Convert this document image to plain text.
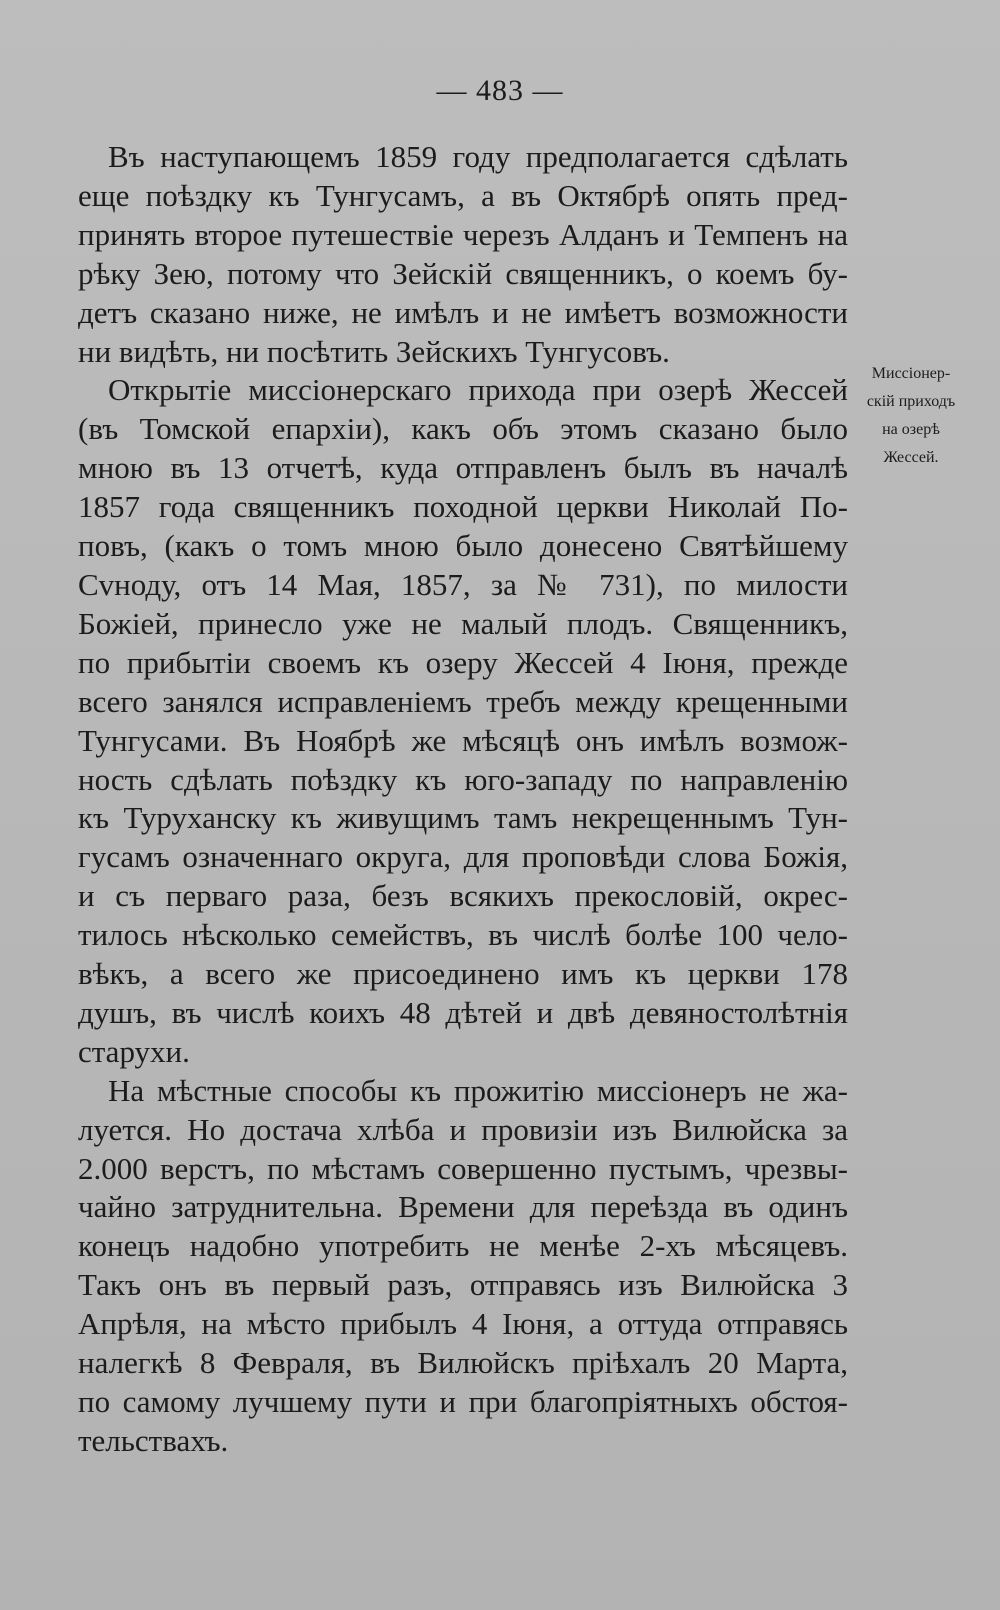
— 483 —
Миссіонер-
скій приходъ
на озерѣ
Жессей.
Въ наступающемъ 1859 году предполагается сдѣлать
еще поѣздку къ Тунгусамъ, а въ Октябрѣ опять пред-
принять второе путешествіе черезъ Алданъ и Темпенъ на
рѣку Зею, потому что Зейскій священникъ, о коемъ бу-
детъ сказано ниже, не имѣлъ и не имѣетъ возможности
ни видѣть, ни посѣтить Зейскихъ Тунгусовъ.
Открытіе миссіонерскаго прихода при озерѣ Жессей
(въ Томской епархіи), какъ объ этомъ сказано было
мною въ 13 отчетѣ, куда отправленъ былъ въ началѣ
1857 года священникъ походной церкви Николай По-
повъ, (какъ о томъ мною было донесено Святѣйшему
Сvноду, отъ 14 Мая, 1857, за № 731), по милости
Божіей, принесло уже не малый плодъ. Священникъ,
по прибытіи своемъ къ озеру Жессей 4 Іюня, прежде
всего занялся исправленіемъ требъ между крещенными
Тунгусами. Въ Ноябрѣ же мѣсяцѣ онъ имѣлъ возмож-
ность сдѣлать поѣздку къ юго-западу по направленію
къ Туруханску къ живущимъ тамъ некрещеннымъ Тун-
гусамъ означеннаго округа, для проповѣди слова Божія,
и съ перваго раза, безъ всякихъ прекословій, окрес-
тилось нѣсколько семействъ, въ числѣ болѣе 100 чело-
вѣкъ, а всего же присоединено имъ къ церкви 178
душъ, въ числѣ коихъ 48 дѣтей и двѣ девяностолѣтнія
старухи.
На мѣстные способы къ прожитію миссіонеръ не жа-
луется. Но достача хлѣба и провизіи изъ Вилюйска за
2.000 верстъ, по мѣстамъ совершенно пустымъ, чрезвы-
чайно затруднительна. Времени для переѣзда въ одинъ
конецъ надобно употребить не менѣе 2-хъ мѣсяцевъ.
Такъ онъ въ первый разъ, отправясь изъ Вилюйска 3
Апрѣля, на мѣсто прибылъ 4 Іюня, а оттуда отправясь
налегкѣ 8 Февраля, въ Вилюйскъ пріѣхалъ 20 Марта,
по самому лучшему пути и при благопріятныхъ обстоя-
тельствахъ.
